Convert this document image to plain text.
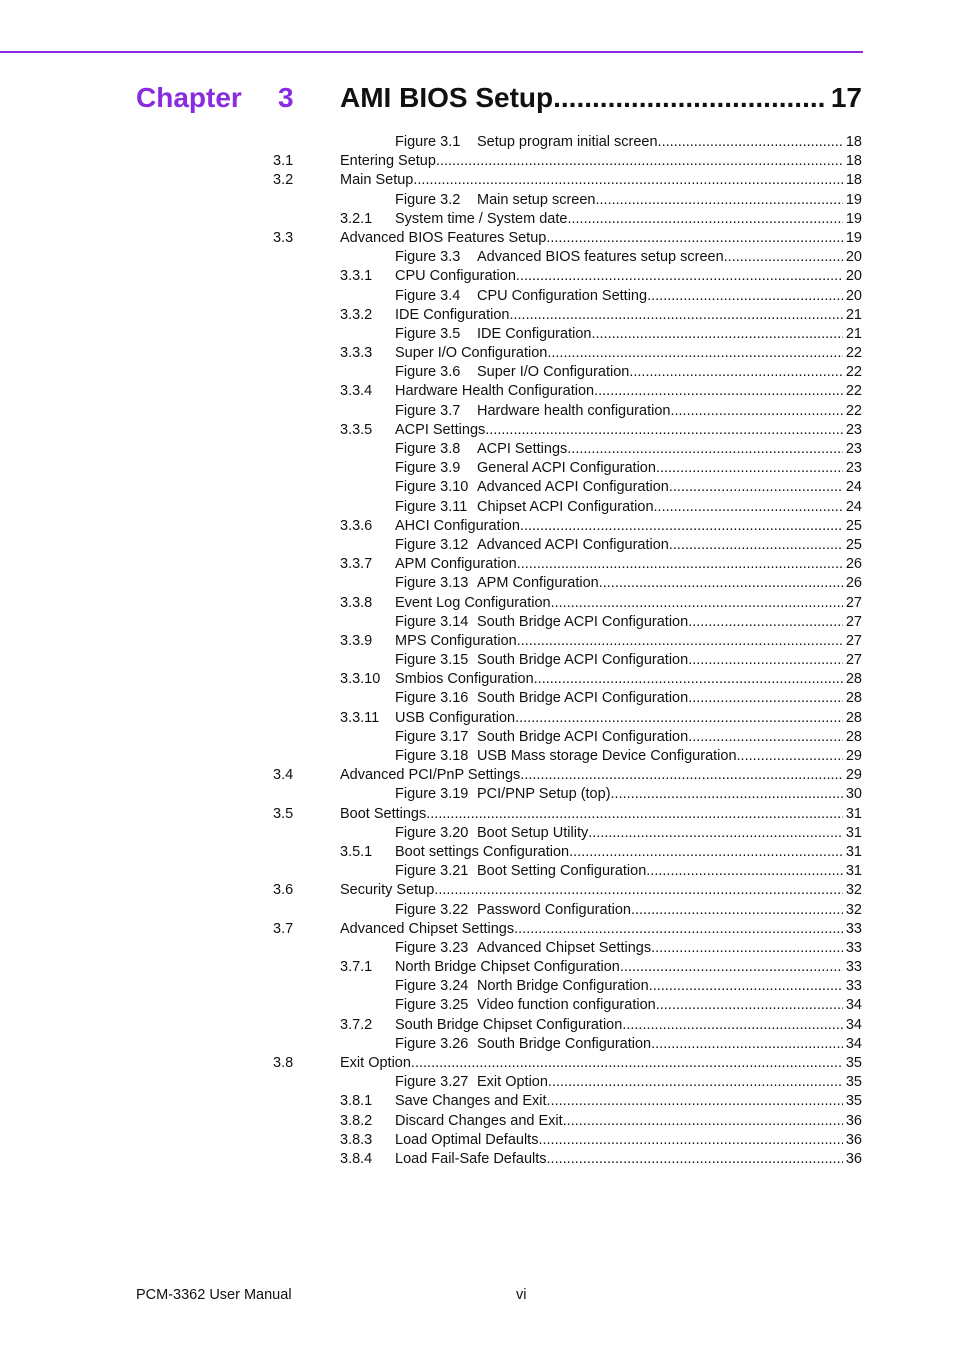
Chapter 3 AMI BIOS Setup .....	17
Figure 3.1	Setup program initial screen .....	18
3.1	Entering Setup .....	18
3.2	Main Setup .....	18
Figure 3.2	Main setup screen .....	19
3.2.1 System time / System date .....	19
3.3	Advanced BIOS Features Setup .....	19
Figure 3.3	Advanced BIOS features setup screen .....	20
3.3.1 CPU Configuration .....	20
Figure 3.4	CPU Configuration Setting .....	20
3.3.2 IDE Configuration .....	21
Figure 3.5	IDE Configuration .....	21
3.3.3 Super I/O Configuration .....	22
Figure 3.6	Super I/O Configuration .....	22
3.3.4 Hardware Health Configuration .....	22
Figure 3.7	Hardware health configuration .....	22
3.3.5 ACPI Settings .....	23
Figure 3.8	ACPI Settings .....	23
Figure 3.9	General ACPI Configuration .....	23
Figure 3.10 Advanced ACPI Configuration .....	24
Figure 3.11 Chipset ACPI Configuration .....	24
3.3.6 AHCI Configuration .....	25
Figure 3.12 Advanced ACPI Configuration .....	25
3.3.7 APM Configuration .....	26
Figure 3.13 APM Configuration .....	26
3.3.8 Event Log Configuration .....	27
Figure 3.14 South Bridge ACPI Configuration .....	27
3.3.9 MPS Configuration .....	27
Figure 3.15 South Bridge ACPI Configuration .....	27
3.3.10 Smbios Configuration .....	28
Figure 3.16 South Bridge ACPI Configuration .....	28
3.3.11 USB Configuration .....	28
Figure 3.17 South Bridge ACPI Configuration .....	28
Figure 3.18 USB Mass storage Device Configuration .....	29
3.4	Advanced PCI/PnP Settings .....	29
Figure 3.19 PCI/PNP Setup (top) .....	30
3.5	Boot Settings .....	31
Figure 3.20 Boot Setup Utility .....	31
3.5.1 Boot settings Configuration .....	31
Figure 3.21 Boot Setting Configuration .....	31
3.6	Security Setup .....	32
Figure 3.22 Password Configuration .....	32
3.7	Advanced Chipset Settings .....	33
Figure 3.23 Advanced Chipset Settings .....	33
3.7.1 North Bridge Chipset Configuration .....	33
Figure 3.24 North Bridge Configuration .....	33
Figure 3.25 Video function configuration .....	34
3.7.2 South Bridge Chipset Configuration .....	34
Figure 3.26 South Bridge Configuration .....	34
3.8	Exit Option .....	35
Figure 3.27 Exit Option .....	35
3.8.1 Save Changes and Exit .....	35
3.8.2 Discard Changes and Exit .....	36
3.8.3 Load Optimal Defaults .....	36
3.8.4 Load Fail-Safe Defaults .....	36
PCM-3362 User Manual	vi
